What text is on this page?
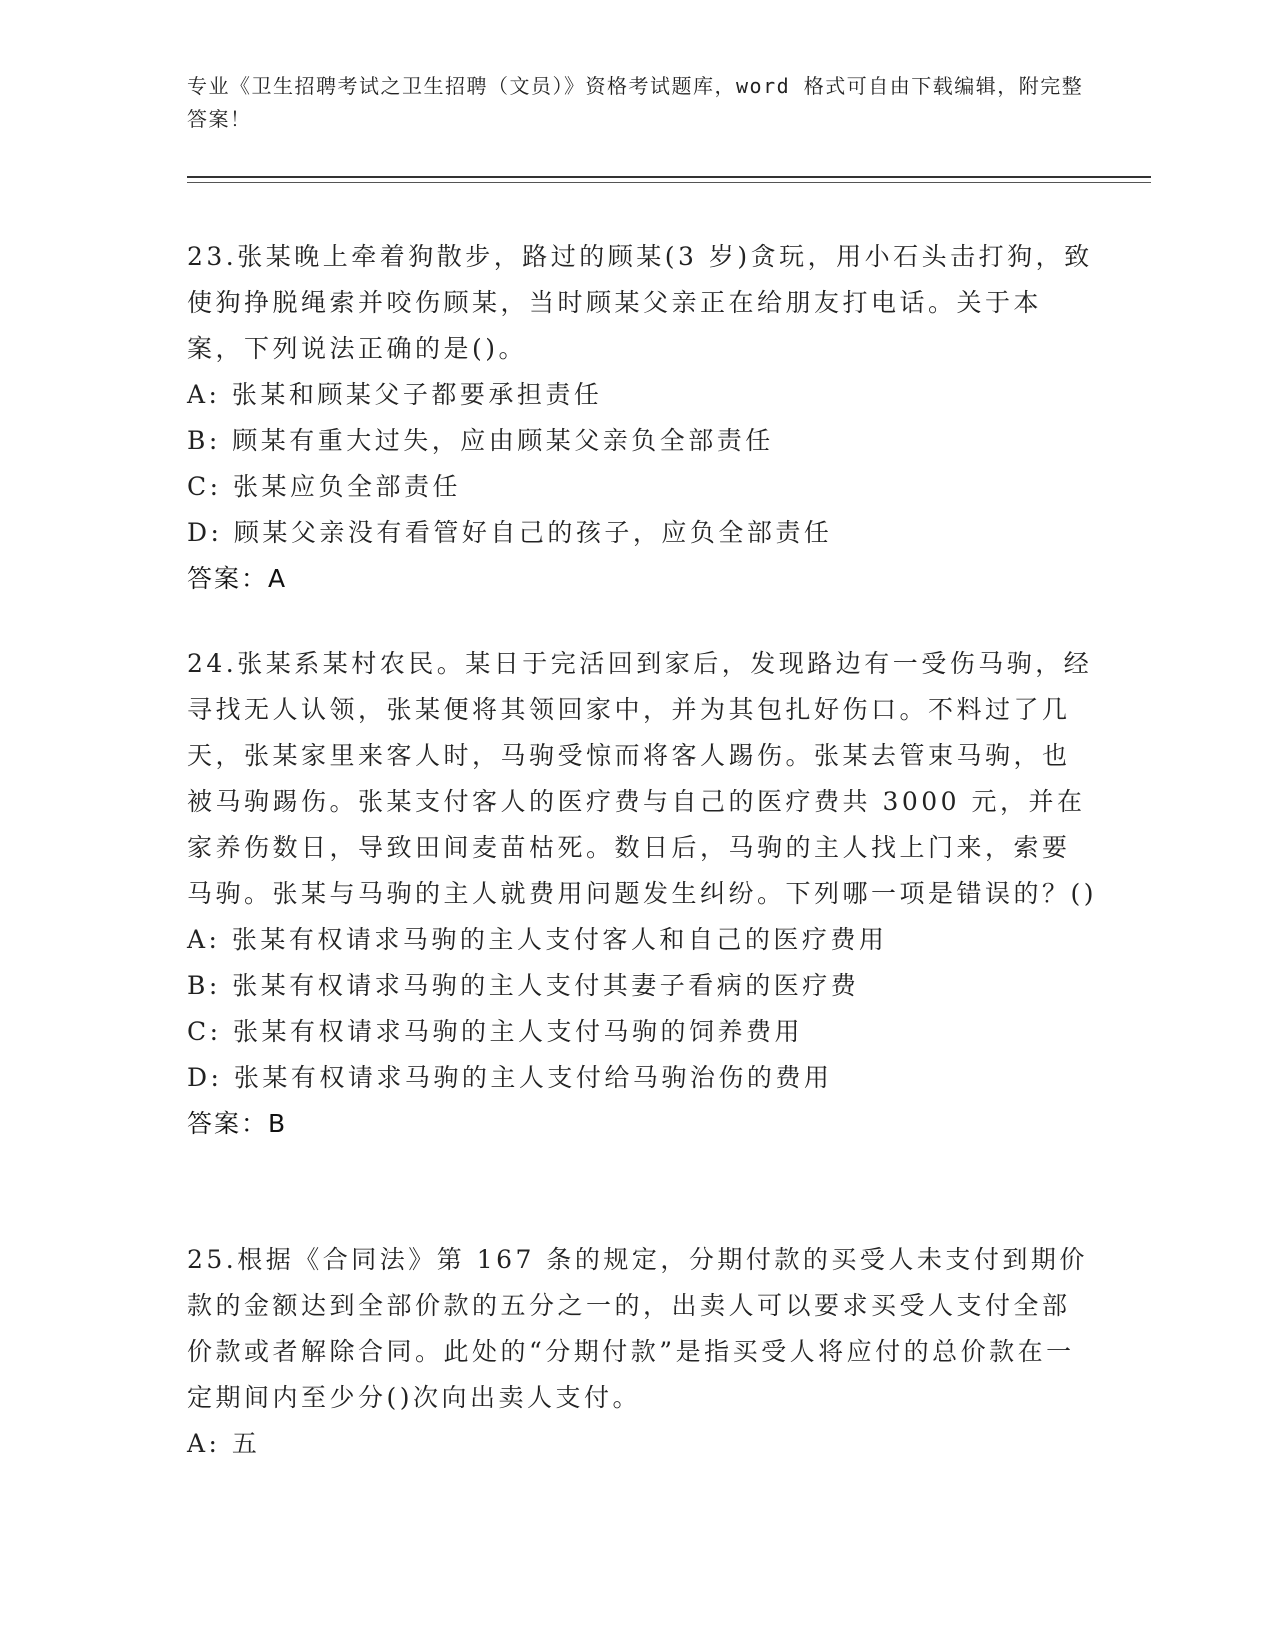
专业《卫生招聘考试之卫生招聘（文员）》资格考试题库，word 格式可自由下载编辑，附完整答案！

23.张某晚上牵着狗散步，路过的顾某(3 岁)贪玩，用小石头击打狗，致使狗挣脱绳索并咬伤顾某，当时顾某父亲正在给朋友打电话。关于本案，下列说法正确的是()。

A: 张某和顾某父子都要承担责任
B: 顾某有重大过失，应由顾某父亲负全部责任
C: 张某应负全部责任
D: 顾某父亲没有看管好自己的孩子，应负全部责任
答案：A

24.张某系某村农民。某日于完活回到家后，发现路边有一受伤马驹，经寻找无人认领，张某便将其领回家中，并为其包扎好伤口。不料过了几天，张某家里来客人时，马驹受惊而将客人踢伤。张某去管束马驹，也被马驹踢伤。张某支付客人的医疗费与自己的医疗费共 3000 元，并在家养伤数日，导致田间麦苗枯死。数日后，马驹的主人找上门来，索要马驹。张某与马驹的主人就费用问题发生纠纷。下列哪一项是错误的？()

A: 张某有权请求马驹的主人支付客人和自己的医疗费用
B: 张某有权请求马驹的主人支付其妻子看病的医疗费
C: 张某有权请求马驹的主人支付马驹的饲养费用
D: 张某有权请求马驹的主人支付给马驹治伤的费用
答案：B

25.根据《合同法》第 167 条的规定，分期付款的买受人未支付到期价款的金额达到全部价款的五分之一的，出卖人可以要求买受人支付全部价款或者解除合同。此处的“分期付款”是指买受人将应付的总价款在一定期间内至少分()次向出卖人支付。

A: 五
